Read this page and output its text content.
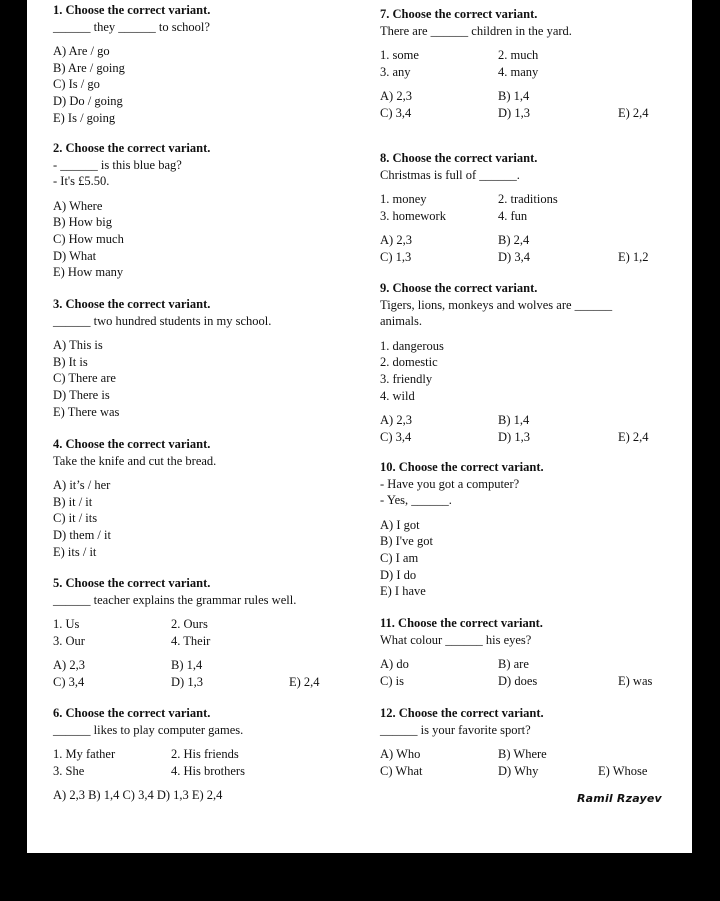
1. Choose the correct variant.
______ they ______ to school?
A) Are / go
B) Are / going
C) Is / go
D) Do / going
E) Is / going
2. Choose the correct variant.
- ______ is this blue bag?
- It's £5.50.
A) Where
B) How big
C) How much
D) What
E) How many
3. Choose the correct variant.
______ two hundred students in my school.
A) This is
B) It is
C) There are
D) There is
E) There was
4. Choose the correct variant.
Take the knife and cut the bread.
A) it’s / her
B) it / it
C) it / its
D) them / it
E) its / it
5. Choose the correct variant.
______ teacher explains the grammar rules well.
1. Us	2. Ours
3. Our	4. Their
A) 2,3	B) 1,4
C) 3,4	D) 1,3	E) 2,4
6. Choose the correct variant.
______ likes to play computer games.
1. My father	2. His friends
3. She	4. His brothers
A) 2,3 B) 1,4 C) 3,4 D) 1,3 E) 2,4
7. Choose the correct variant.
There are ______ children in the yard.
1. some	2. much
3. any	4. many
A) 2,3	B) 1,4
C) 3,4	D) 1,3	E) 2,4
8. Choose the correct variant.
Christmas is full of ______.
1. money	2. traditions
3. homework	4. fun
A) 2,3	B) 2,4
C) 1,3	D) 3,4	E) 1,2
9. Choose the correct variant.
Tigers, lions, monkeys and wolves are ______
animals.
1. dangerous
2. domestic
3. friendly
4. wild
A) 2,3	B) 1,4
C) 3,4	D) 1,3	E) 2,4
10. Choose the correct variant.
- Have you got a computer?
- Yes, ______.
A) I got
B) I've got
C) I am
D) I do
E) I have
11. Choose the correct variant.
What colour ______ his eyes?
A) do	B) are
C) is	D) does	E) was
12. Choose the correct variant.
______ is your favorite sport?
A) Who	B) Where
C) What	D) Why	E) Whose
Ramil Rzayev
